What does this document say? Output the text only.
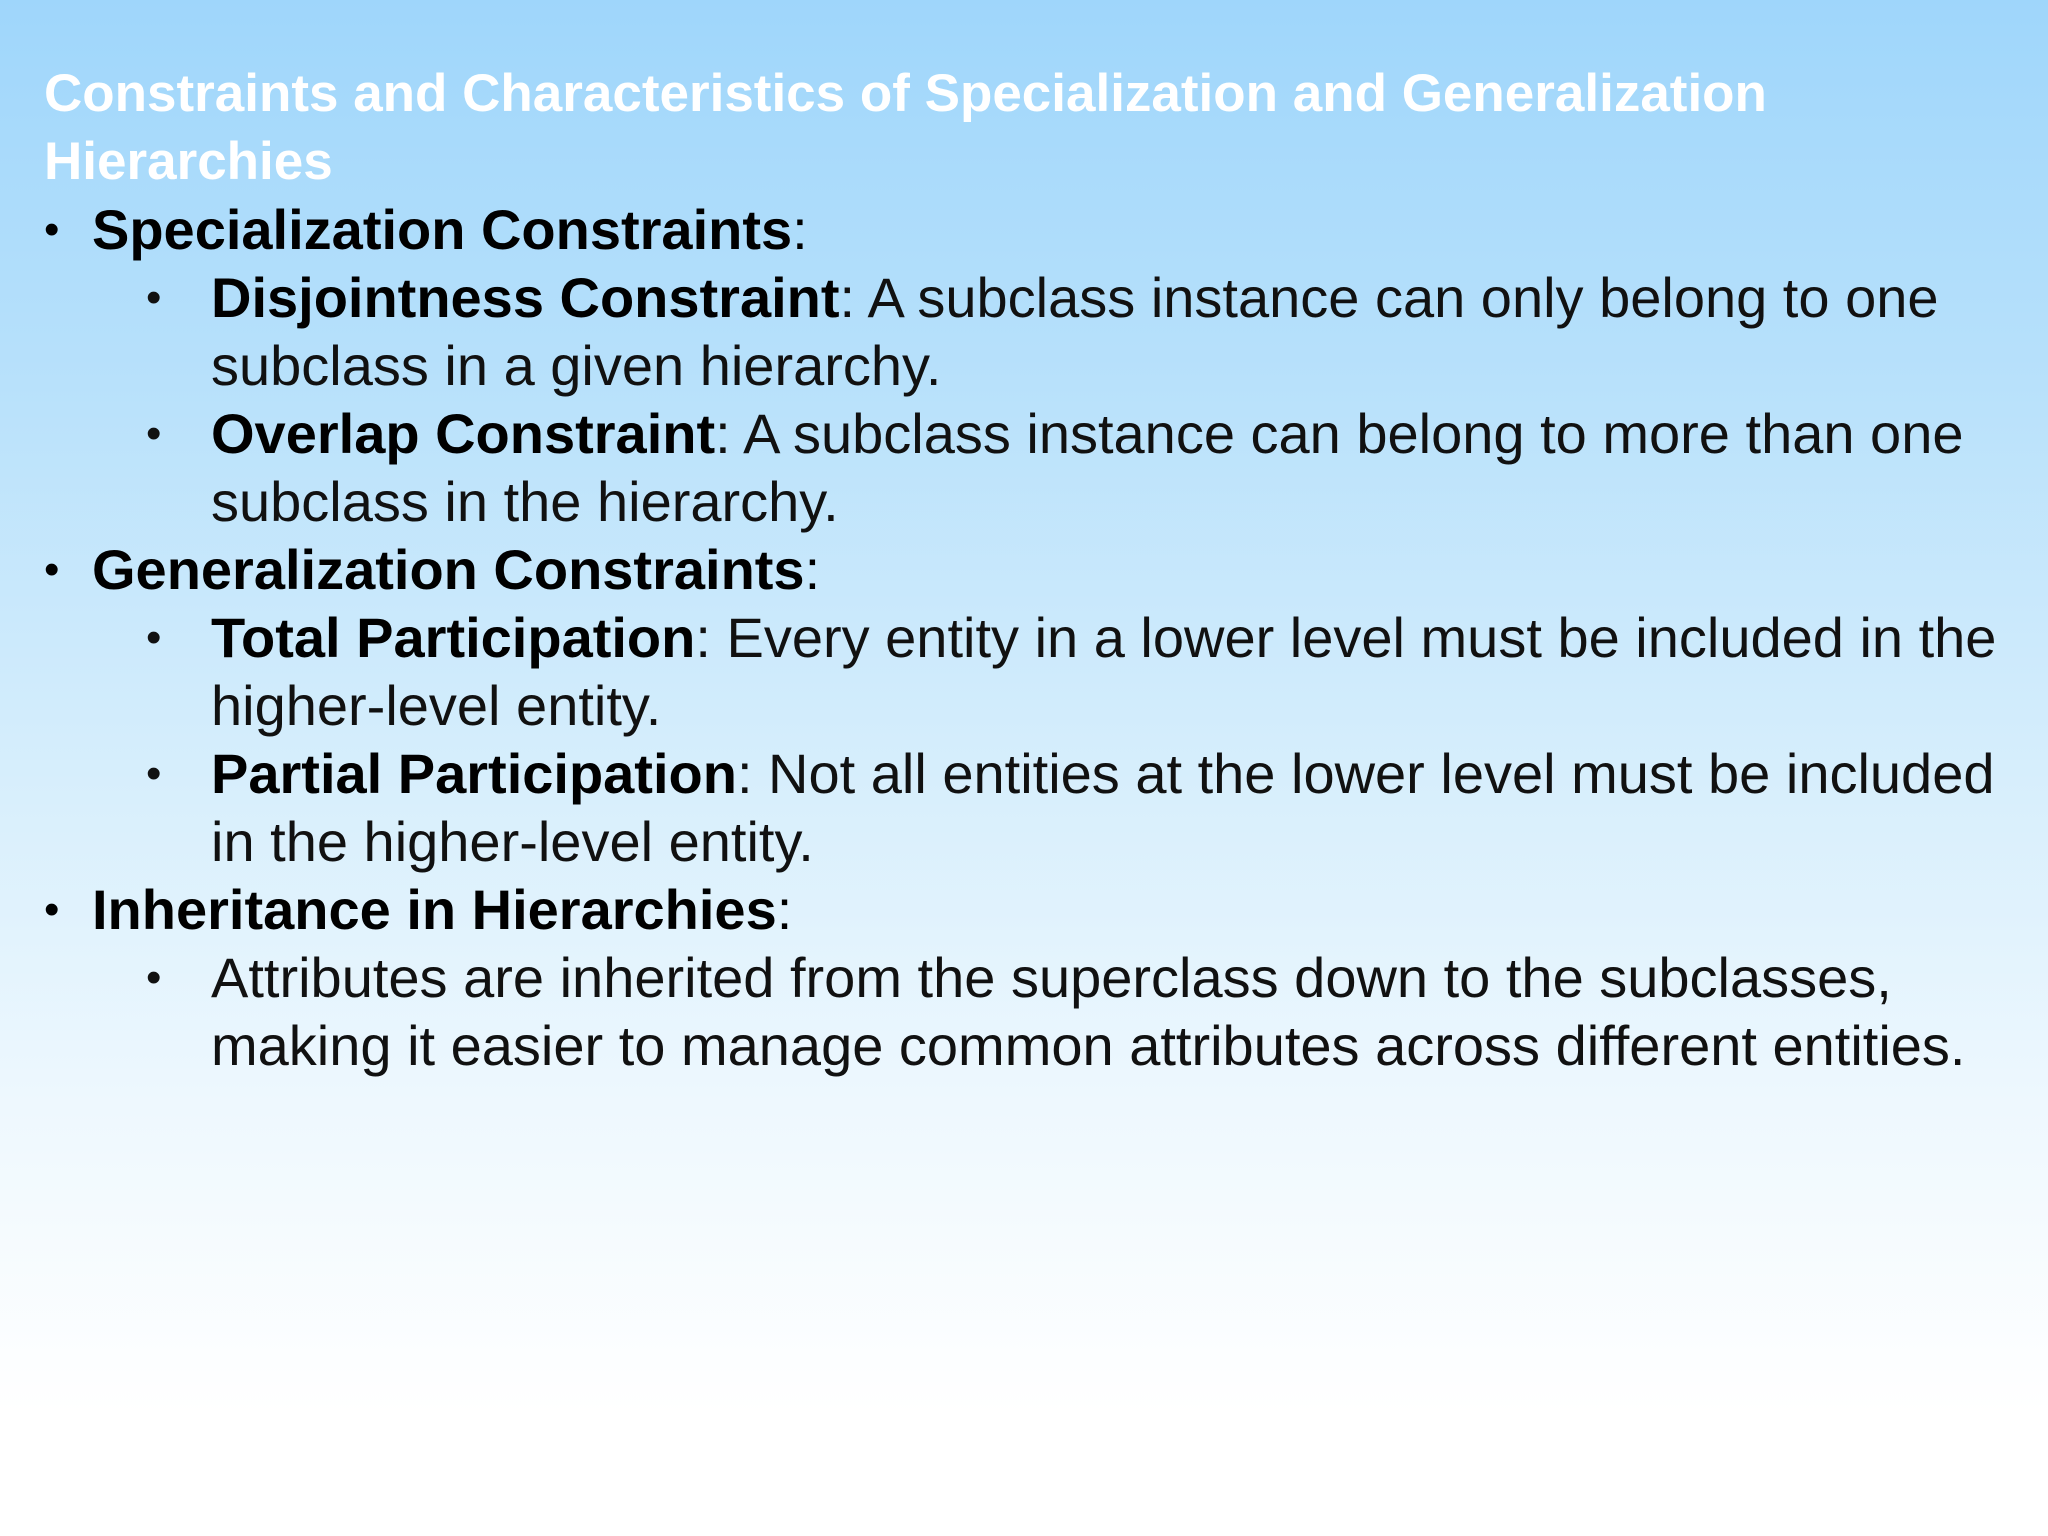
Constraints and Characteristics of Specialization and Generalization Hierarchies
• Specialization Constraints:
• Disjointness Constraint: A subclass instance can only belong to one subclass in a given hierarchy.
• Overlap Constraint: A subclass instance can belong to more than one subclass in the hierarchy.
• Generalization Constraints:
• Total Participation: Every entity in a lower level must be included in the higher-level entity.
• Partial Participation: Not all entities at the lower level must be included in the higher-level entity.
• Inheritance in Hierarchies:
• Attributes are inherited from the superclass down to the subclasses, making it easier to manage common attributes across different entities.
